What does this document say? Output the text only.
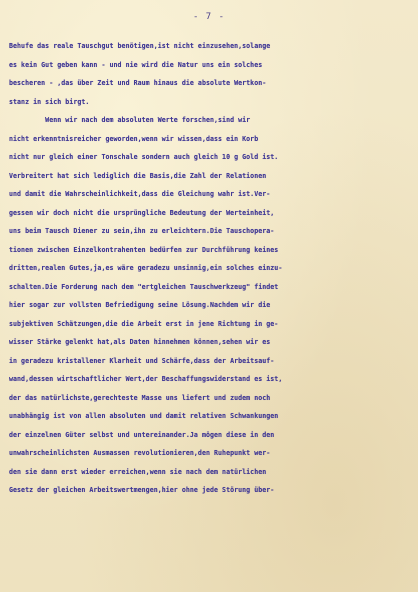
- 7 -
Behufe das reale Tauschgut benötigen,ist nicht einzusehen,solange
es kein Gut geben kann - und nie wird die Natur uns ein solches
bescheren - ,das über Zeit und Raum hinaus die absolute Wertkon-
stanz in sich birgt.
Wenn wir nach dem absoluten Werte forschen,sind wir
nicht erkenntnisreicher geworden,wenn wir wissen,dass ein Korb
nicht nur gleich einer Tonschale sondern auch gleich 10 g Gold ist.
Verbreitert hat sich lediglich die Basis,die Zahl der Relationen
und damit die Wahrscheinlichkeit,dass die Gleichung wahr ist.Ver-
gessen wir doch nicht die ursprüngliche Bedeutung der Werteinheit,
uns beim Tausch Diener zu sein,ihn zu erleichtern.Die Tauschopera-
tionen zwischen Einzelkontrahenten bedürfen zur Durchführung keines
dritten,realen Gutes,ja,es wäre geradezu unsinnig,ein solches einzu-
schalten.Die Forderung nach dem "ertgleichen Tauschwerkzeug" findet
hier sogar zur vollsten Befriedigung seine Lösung.Nachdem wir die
subjektiven Schätzungen,die die Arbeit erst in jene Richtung in ge-
wisser Stärke gelenkt hat,als Daten hinnehmen können,sehen wir es
in geradezu kristallener Klarheit und Schärfe,dass der Arbeitsauf-
wand,dessen wirtschaftlicher Wert,der Beschaffungswiderstand es ist,
der das natürlichste,gerechteste Masse uns liefert und zudem noch
unabhängig ist von allen absoluten und damit relativen Schwankungen
der einzelnen Güter selbst und untereinander.Ja mögen diese in den
unwahrscheinlichsten Ausmassen revolutionieren,den Ruhepunkt wer-
den sie dann erst wieder erreichen,wenn sie nach dem natürlichen
Gesetz der gleichen Arbeitswertmengen,hier ohne jede Störung über-
